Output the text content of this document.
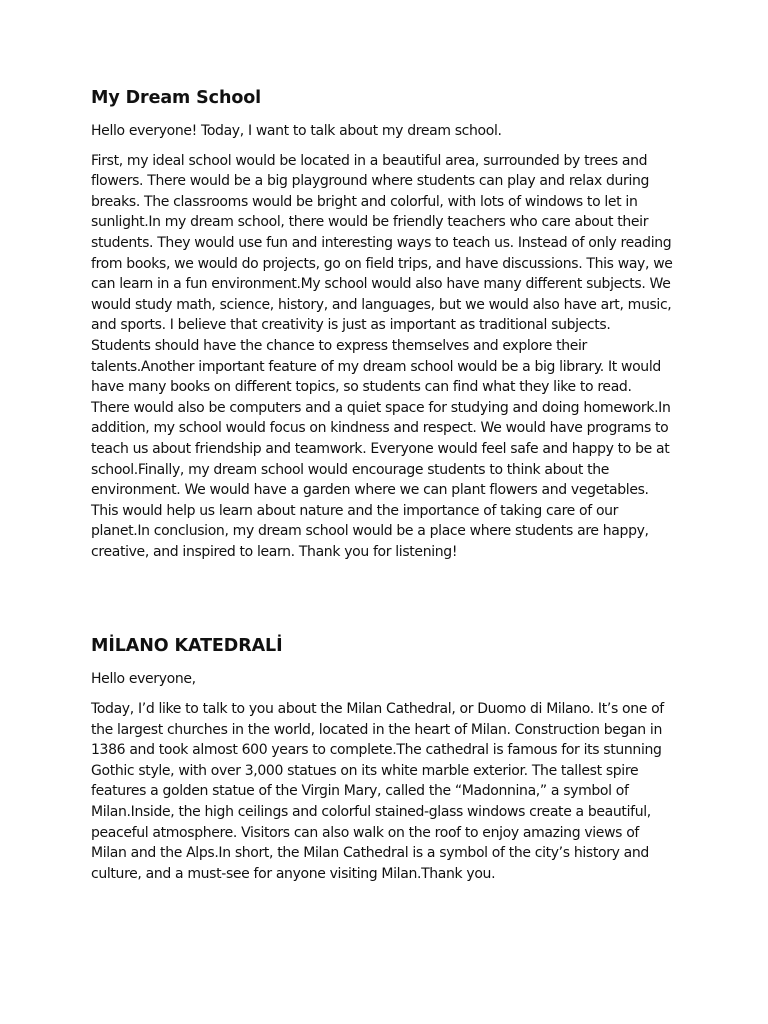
My Dream School

Hello everyone! Today, I want to talk about my dream school.

First, my ideal school would be located in a beautiful area, surrounded by trees and flowers. There would be a big playground where students can play and relax during breaks. The classrooms would be bright and colorful, with lots of windows to let in sunlight.In my dream school, there would be friendly teachers who care about their students. They would use fun and interesting ways to teach us. Instead of only reading from books, we would do projects, go on field trips, and have discussions. This way, we can learn in a fun environment.My school would also have many different subjects. We would study math, science, history, and languages, but we would also have art, music, and sports. I believe that creativity is just as important as traditional subjects. Students should have the chance to express themselves and explore their talents.Another important feature of my dream school would be a big library. It would have many books on different topics, so students can find what they like to read. There would also be computers and a quiet space for studying and doing homework.In addition, my school would focus on kindness and respect. We would have programs to teach us about friendship and teamwork. Everyone would feel safe and happy to be at school.Finally, my dream school would encourage students to think about the environment. We would have a garden where we can plant flowers and vegetables. This would help us learn about nature and the importance of taking care of our planet.In conclusion, my dream school would be a place where students are happy, creative, and inspired to learn. Thank you for listening!

MİLANO KATEDRALİ

Hello everyone,

Today, I’d like to talk to you about the Milan Cathedral, or Duomo di Milano. It’s one of the largest churches in the world, located in the heart of Milan. Construction began in 1386 and took almost 600 years to complete.The cathedral is famous for its stunning Gothic style, with over 3,000 statues on its white marble exterior. The tallest spire features a golden statue of the Virgin Mary, called the “Madonnina,” a symbol of Milan.Inside, the high ceilings and colorful stained-glass windows create a beautiful, peaceful atmosphere. Visitors can also walk on the roof to enjoy amazing views of Milan and the Alps.In short, the Milan Cathedral is a symbol of the city’s history and culture, and a must-see for anyone visiting Milan.Thank you.
